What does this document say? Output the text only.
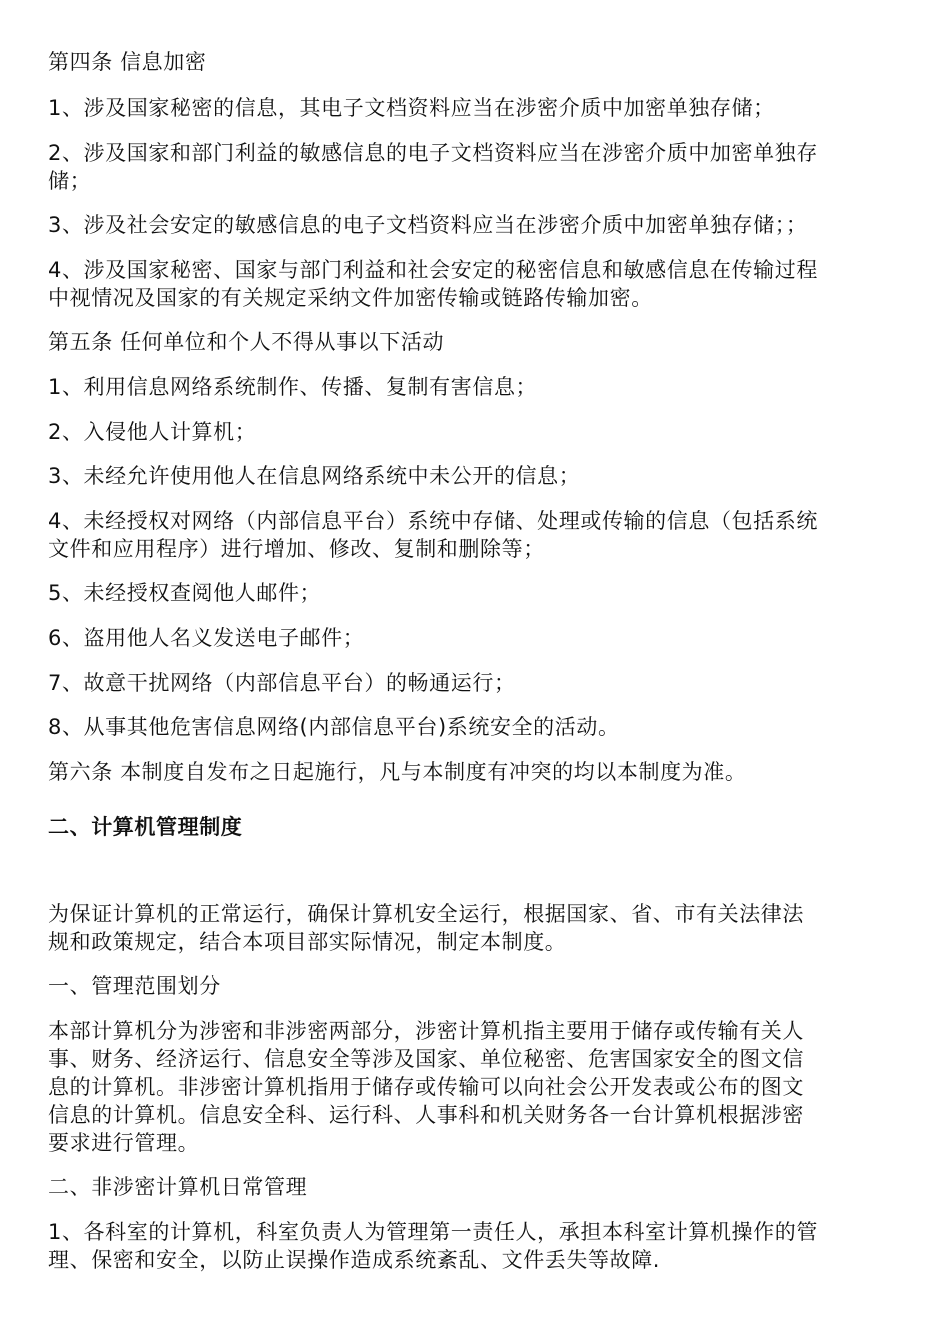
第四条 信息加密
1、涉及国家秘密的信息，其电子文档资料应当在涉密介质中加密单独存储；
2、涉及国家和部门利益的敏感信息的电子文档资料应当在涉密介质中加密单独存
储；
3、涉及社会安定的敏感信息的电子文档资料应当在涉密介质中加密单独存储；；
4、涉及国家秘密、国家与部门利益和社会安定的秘密信息和敏感信息在传输过程
中视情况及国家的有关规定采纳文件加密传输或链路传输加密。
第五条 任何单位和个人不得从事以下活动
1、利用信息网络系统制作、传播、复制有害信息；
2、入侵他人计算机；
3、未经允许使用他人在信息网络系统中未公开的信息；
4、未经授权对网络（内部信息平台）系统中存储、处理或传输的信息（包括系统
文件和应用程序）进行增加、修改、复制和删除等；
5、未经授权查阅他人邮件；
6、盗用他人名义发送电子邮件；
7、故意干扰网络（内部信息平台）的畅通运行；
8、从事其他危害信息网络(内部信息平台)系统安全的活动。
第六条 本制度自发布之日起施行，凡与本制度有冲突的均以本制度为准。
二、计算机管理制度
为保证计算机的正常运行，确保计算机安全运行，根据国家、省、市有关法律法
规和政策规定，结合本项目部实际情况，制定本制度。
一、管理范围划分
本部计算机分为涉密和非涉密两部分，涉密计算机指主要用于储存或传输有关人
事、财务、经济运行、信息安全等涉及国家、单位秘密、危害国家安全的图文信
息的计算机。非涉密计算机指用于储存或传输可以向社会公开发表或公布的图文
信息的计算机。信息安全科、运行科、人事科和机关财务各一台计算机根据涉密
要求进行管理。
二、非涉密计算机日常管理
1、各科室的计算机，科室负责人为管理第一责任人，承担本科室计算机操作的管
理、保密和安全，以防止误操作造成系统紊乱、文件丢失等故障.
